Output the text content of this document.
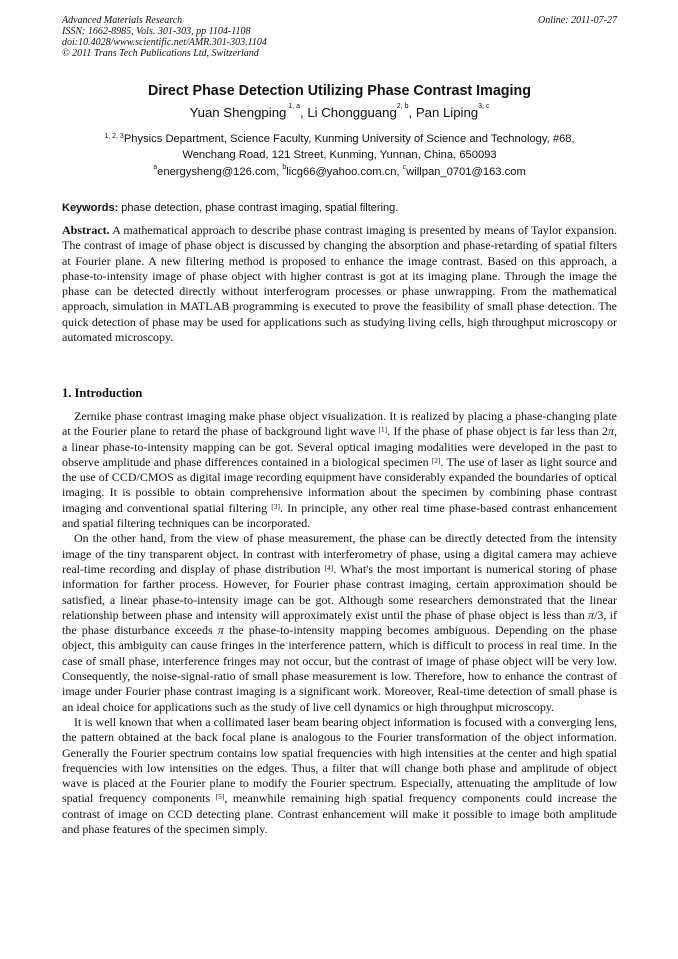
Advanced Materials Research
ISSN: 1662-8985, Vols. 301-303, pp 1104-1108
doi:10.4028/www.scientific.net/AMR.301-303.1104
© 2011 Trans Tech Publications Ltd, Switzerland
Online: 2011-07-27
Direct Phase Detection Utilizing Phase Contrast Imaging
Yuan Shengping $^{1, a}$, Li Chongguang$^{2, b}$, Pan Liping$^{3, c}$
$^{1, 2, 3}$Physics Department, Science Faculty, Kunming University of Science and Technology, #68,
Wenchang Road, 121 Street, Kunming, Yunnan, China, 650093
$^a$energysheng@126.com, $^b$licg66@yahoo.com.cn, $^c$willpan_0701@163.com
Keywords: phase detection, phase contrast imaging, spatial filtering.
Abstract. A mathematical approach to describe phase contrast imaging is presented by means of Taylor expansion. The contrast of image of phase object is discussed by changing the absorption and phase-retarding of spatial filters at Fourier plane. A new filtering method is proposed to enhance the image contrast. Based on this approach, a phase-to-intensity image of phase object with higher contrast is got at its imaging plane. Through the image the phase can be detected directly without interferogram processes or phase unwrapping. From the mathematical approach, simulation in MATLAB programming is executed to prove the feasibility of small phase detection. The quick detection of phase may be used for applications such as studying living cells, high throughput microscopy or automated microscopy.
1. Introduction

Zernike phase contrast imaging make phase object visualization. It is realized by placing a phase-changing plate at the Fourier plane to retard the phase of background light wave [1]. If the phase of phase object is far less than 2π, a linear phase-to-intensity mapping can be got. Several optical imaging modalities were developed in the past to observe amplitude and phase differences contained in a biological specimen [2]. The use of laser as light source and the use of CCD/CMOS as digital image recording equipment have considerably expanded the boundaries of optical imaging. It is possible to obtain comprehensive information about the specimen by combining phase contrast imaging and conventional spatial filtering [3]. In principle, any other real time phase-based contrast enhancement and spatial filtering techniques can be incorporated.

On the other hand, from the view of phase measurement, the phase can be directly detected from the intensity image of the tiny transparent object. In contrast with interferometry of phase, using a digital camera may achieve real-time recording and display of phase distribution [4]. What's the most important is numerical storing of phase information for farther process. However, for Fourier phase contrast imaging, certain approximation should be satisfied, a linear phase-to-intensity image can be got. Although some researchers demonstrated that the linear relationship between phase and intensity will approximately exist until the phase of phase object is less than π/3, if the phase disturbance exceeds π the phase-to-intensity mapping becomes ambiguous. Depending on the phase object, this ambiguity can cause fringes in the interference pattern, which is difficult to process in real time. In the case of small phase, interference fringes may not occur, but the contrast of image of phase object will be very low. Consequently, the noise-signal-ratio of small phase measurement is low. Therefore, how to enhance the contrast of image under Fourier phase contrast imaging is a significant work. Moreover, Real-time detection of small phase is an ideal choice for applications such as the study of live cell dynamics or high throughput microscopy.

It is well known that when a collimated laser beam bearing object information is focused with a converging lens, the pattern obtained at the back focal plane is analogous to the Fourier transformation of the object information. Generally the Fourier spectrum contains low spatial frequencies with high intensities at the center and high spatial frequencies with low intensities on the edges. Thus, a filter that will change both phase and amplitude of object wave is placed at the Fourier plane to modify the Fourier spectrum. Especially, attenuating the amplitude of low spatial frequency components [5], meanwhile remaining high spatial frequency components could increase the contrast of image on CCD detecting plane. Contrast enhancement will make it possible to image both amplitude and phase features of the specimen simply.
